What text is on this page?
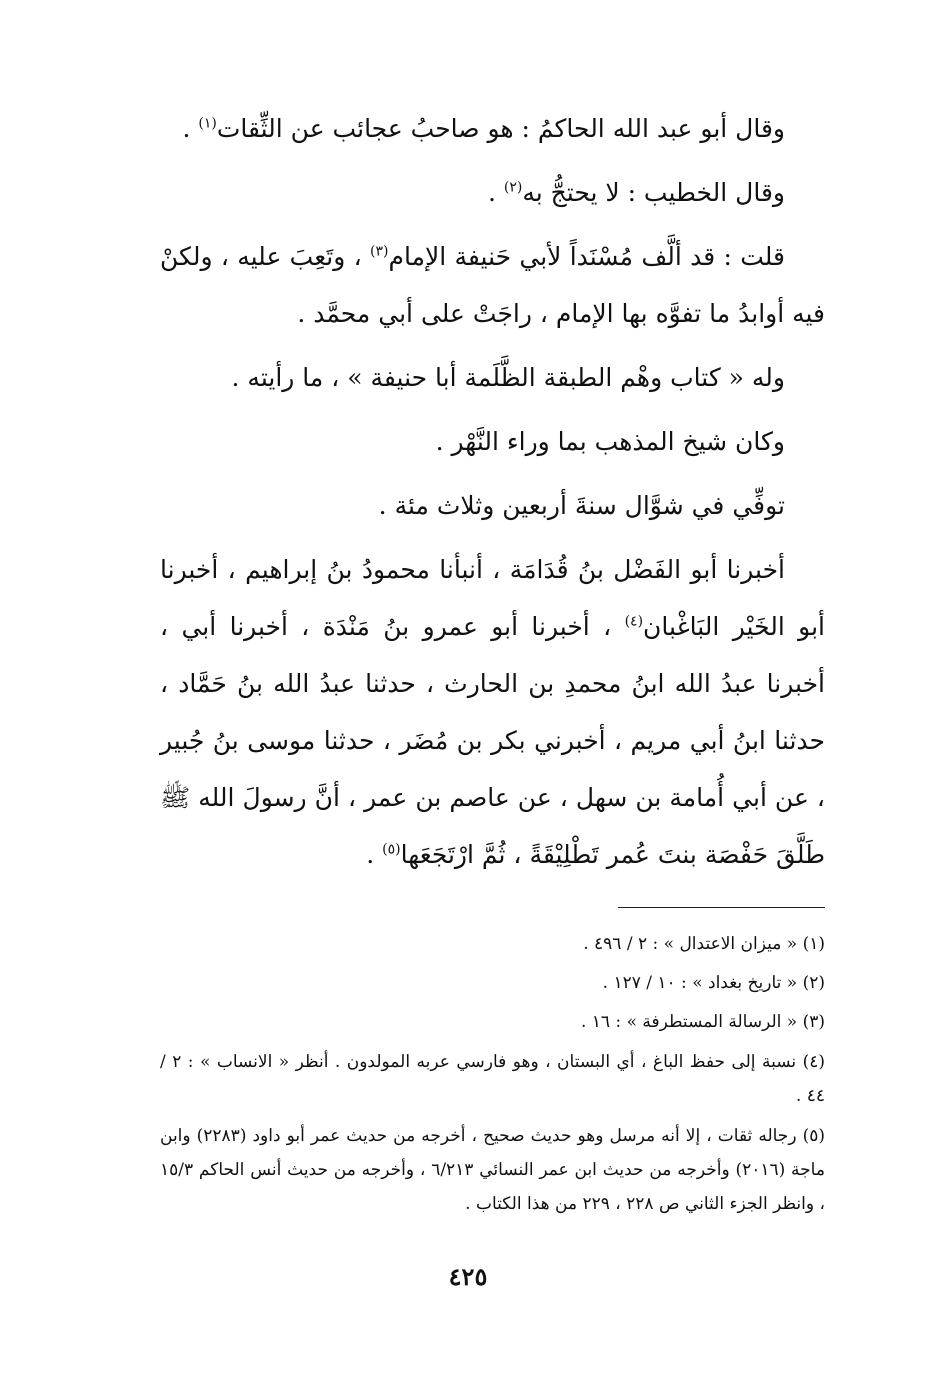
وقال أبو عبد الله الحاكمُ : هو صاحبُ عجائب عن الثِّقات$^{(١)}$ .

وقال الخطيب : لا يحتجُّ به$^{(٢)}$ .

قلت : قد ألَّف مُسْنَداً لأبي حَنيفة الإمام$^{(٣)}$ ، وتَعِبَ عليه ، ولكنْ فيه أوابدُ ما تفوَّه بها الإمام ، راجَتْ على أبي محمَّد .

وله « كتاب وهْم الطبقة الظَّلَمة أبا حنيفة » ، ما رأيته .

وكان شيخ المذهب بما وراء النَّهْر .

توفِّي في شوَّال سنةَ أربعين وثلاث مئة .

أخبرنا أبو الفَضْل بنُ قُدَامَة ، أنبأنا محمودُ بنُ إبراهيم ، أخبرنا أبو الخَيْر البَاغْبان$^{(٤)}$ ، أخبرنا أبو عمرو بنُ مَنْدَة ، أخبرنا أبي ، أخبرنا عبدُ الله ابنُ محمدِ بن الحارث ، حدثنا عبدُ الله بنُ حَمَّاد ، حدثنا ابنُ أبي مريم ، أخبرني بكر بن مُضَر ، حدثنا موسى بنُ جُبير ، عن أبي أُمامة بن سهل ، عن عاصم بن عمر ، أنَّ رسولَ الله ﷺ طَلَّقَ حَفْصَة بنتَ عُمر تَطْلِيْقَةً ، ثُمَّ ارْتَجَعَها$^{(٥)}$ .

(١) « ميزان الاعتدال » : ٢ / ٤٩٦ .

(٢) « تاريخ بغداد » : ١٠ / ١٢٧ .

(٣) « الرسالة المستطرفة » : ١٦ .

(٤) نسبة إلى حفظ الباغ ، أي البستان ، وهو فارسي عربه المولدون . أنظر « الانساب » : ٢ / ٤٤ .

(٥) رجاله ثقات ، إلا أنه مرسل وهو حديث صحيح ، أخرجه من حديث عمر أبو داود (٢٢٨٣) وابن ماجة (٢٠١٦) وأخرجه من حديث ابن عمر النسائي ٦/٢١٣ ، وأخرجه من حديث أنس الحاكم ١٥/٣ ، وانظر الجزء الثاني ص ٢٢٨ ، ٢٢٩ من هذا الكتاب .

٤٢٥
